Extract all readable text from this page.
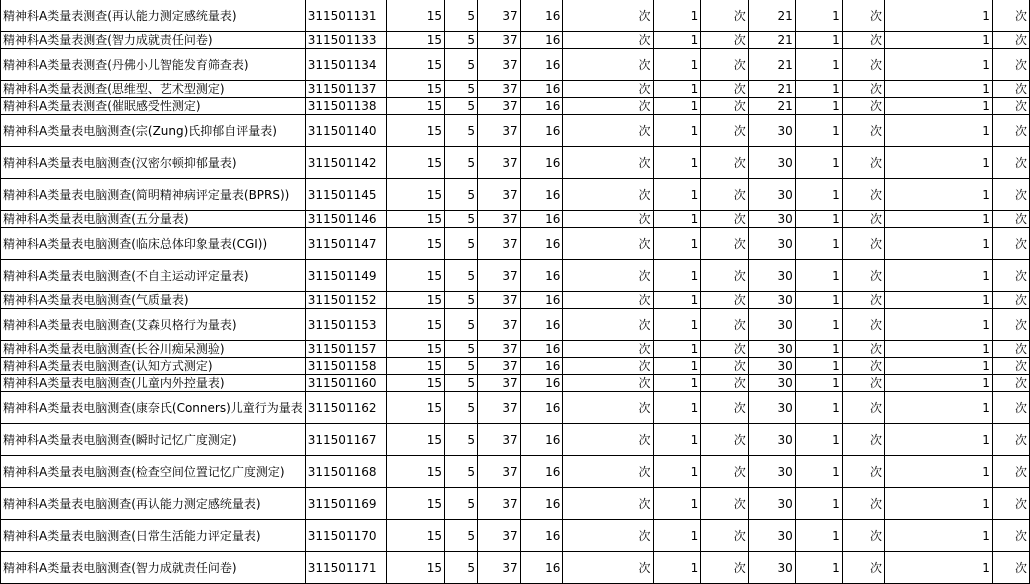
精神科A类量表测查(再认能力测定感统量表)	311501131	15	5	37	16	次	1	次	21	1	次	1	次
精神科A类量表测查(智力成就责任问卷)	311501133	15	5	37	16	次	1	次	21	1	次	1	次
精神科A类量表测查(丹佛小儿智能发育筛查表)	311501134	15	5	37	16	次	1	次	21	1	次	1	次
精神科A类量表测查(思维型、艺术型测定)	311501137	15	5	37	16	次	1	次	21	1	次	1	次
精神科A类量表测查(催眠感受性测定)	311501138	15	5	37	16	次	1	次	21	1	次	1	次
精神科A类量表电脑测查(宗(Zung)氏抑郁自评量表)	311501140	15	5	37	16	次	1	次	30	1	次	1	次
精神科A类量表电脑测查(汉密尔顿抑郁量表)	311501142	15	5	37	16	次	1	次	30	1	次	1	次
精神科A类量表电脑测查(简明精神病评定量表(BPRS))	311501145	15	5	37	16	次	1	次	30	1	次	1	次
精神科A类量表电脑测查(五分量表)	311501146	15	5	37	16	次	1	次	30	1	次	1	次
精神科A类量表电脑测查(临床总体印象量表(CGI))	311501147	15	5	37	16	次	1	次	30	1	次	1	次
精神科A类量表电脑测查(不自主运动评定量表)	311501149	15	5	37	16	次	1	次	30	1	次	1	次
精神科A类量表电脑测查(气质量表)	311501152	15	5	37	16	次	1	次	30	1	次	1	次
精神科A类量表电脑测查(艾森贝格行为量表)	311501153	15	5	37	16	次	1	次	30	1	次	1	次
精神科A类量表电脑测查(长谷川痴呆测验)	311501157	15	5	37	16	次	1	次	30	1	次	1	次
精神科A类量表电脑测查(认知方式测定)	311501158	15	5	37	16	次	1	次	30	1	次	1	次
精神科A类量表电脑测查(儿童内外控量表)	311501160	15	5	37	16	次	1	次	30	1	次	1	次
精神科A类量表电脑测查(康奈氏(Conners)儿童行为量表	311501162	15	5	37	16	次	1	次	30	1	次	1	次
精神科A类量表电脑测查(瞬时记忆广度测定)	311501167	15	5	37	16	次	1	次	30	1	次	1	次
精神科A类量表电脑测查(检查空间位置记忆广度测定)	311501168	15	5	37	16	次	1	次	30	1	次	1	次
精神科A类量表电脑测查(再认能力测定感统量表)	311501169	15	5	37	16	次	1	次	30	1	次	1	次
精神科A类量表电脑测查(日常生活能力评定量表)	311501170	15	5	37	16	次	1	次	30	1	次	1	次
精神科A类量表电脑测查(智力成就责任问卷)	311501171	15	5	37	16	次	1	次	30	1	次	1	次
